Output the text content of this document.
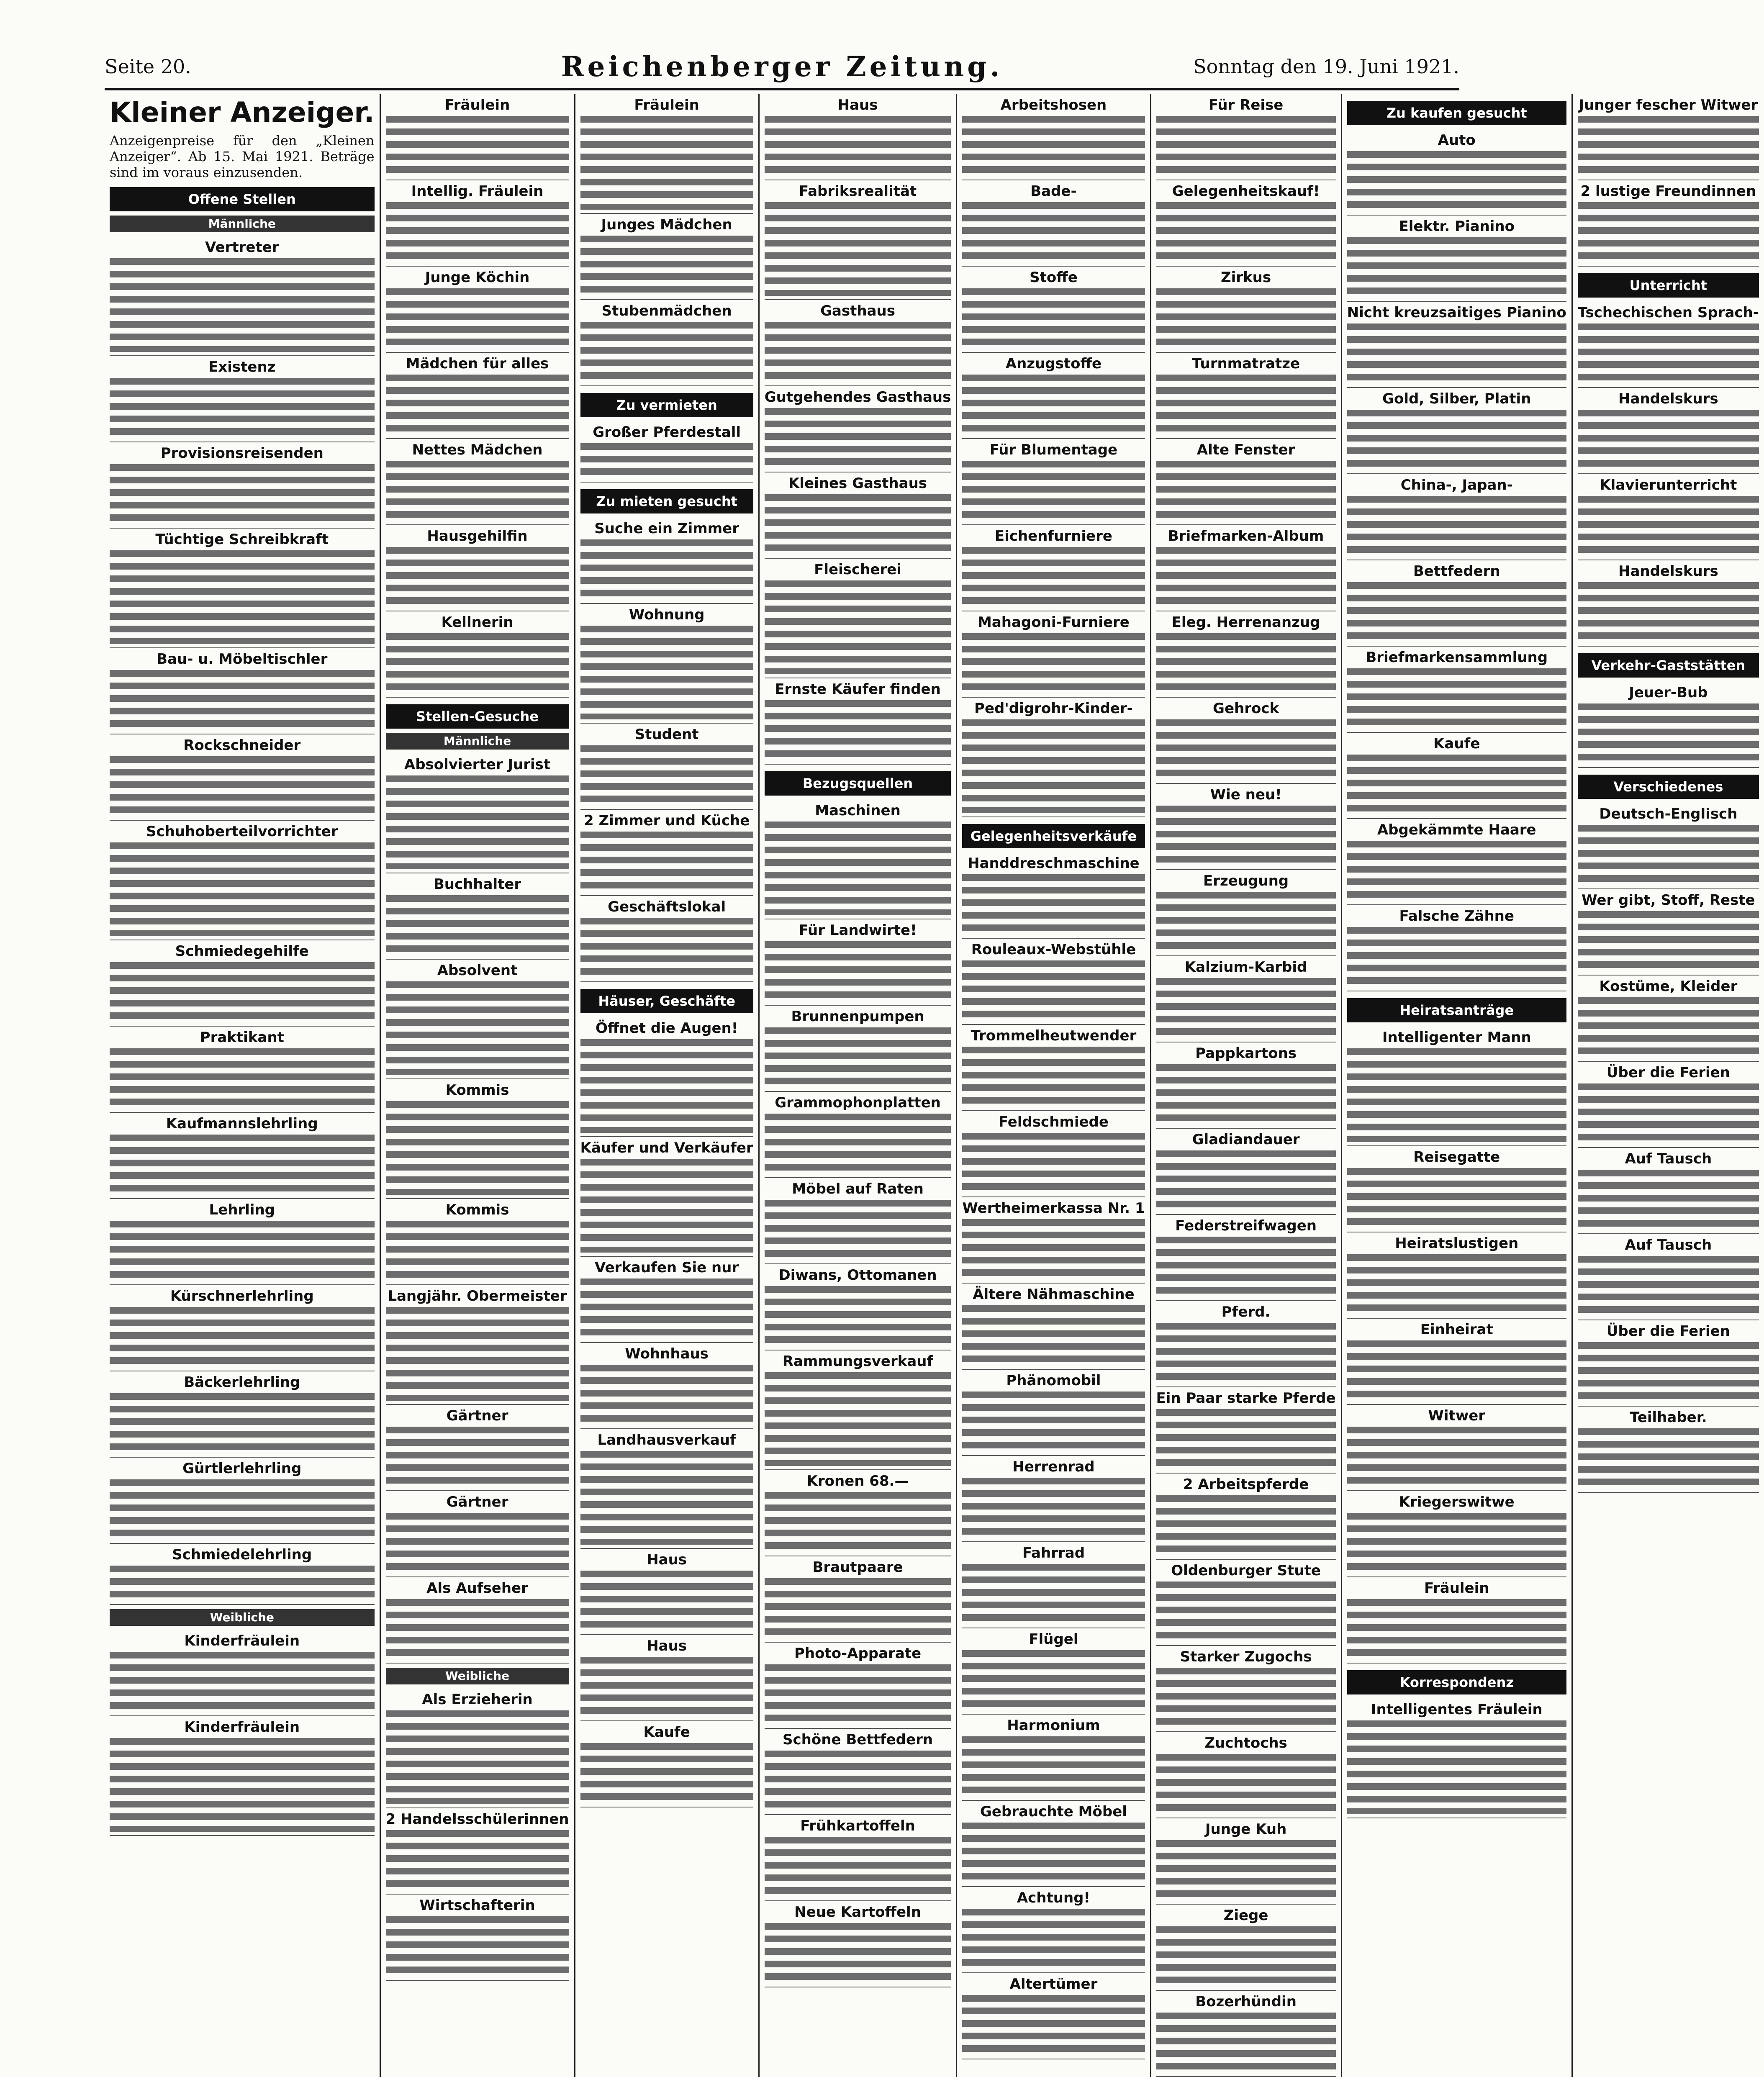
Seite 20.	Reichenberger Zeitung.	Sonntag den 19. Juni 1921.
Kleiner Anzeiger.
Anzeigenpreise für den „Kleinen Anzeiger“. Ab 15. Mai 1921. Beträge sind im voraus einzusenden.
Offene Stellen
Männliche
Vertreter
Existenz
Provisionsreisenden
Tüchtige Schreibkraft
Bau- u. Möbeltischler
Rockschneider
Schuhoberteilvorrichter
Schmiedegehilfe
Praktikant
Kaufmannslehrling
Lehrling
Kürschnerlehrling
Bäckerlehrling
Gürtlerlehrling
Schmiedelehrling
Weibliche
Kinderfräulein
Kinderfräulein
Fräulein
Intellig. Fräulein
Junge Köchin
Mädchen für alles
Nettes Mädchen
Hausgehilfin
Kellnerin
Stellen-Gesuche
Männliche
Absolvierter Jurist
Buchhalter
Absolvent
Kommis
Kommis
Langjähr. Obermeister
Gärtner
Gärtner
Als Aufseher
Weibliche
Als Erzieherin
2 Handelsschülerinnen
Wirtschafterin
Fräulein
Junges Mädchen
Stubenmädchen
Zu vermieten
Großer Pferdestall
Zu mieten gesucht
Suche ein Zimmer
Wohnung
Student
2 Zimmer und Küche
Geschäftslokal
Häuser, Geschäfte
Öffnet die Augen!
Käufer und Verkäufer
Verkaufen Sie nur
Wohnhaus
Landhausverkauf
Haus
Haus
Kaufe
Haus
Fabriksrealität
Gasthaus
Gutgehendes Gasthaus
Kleines Gasthaus
Fleischerei
Ernste Käufer finden
Bezugsquellen
Maschinen
Für Landwirte!
Brunnenpumpen
Grammophonplatten
Möbel auf Raten
Diwans, Ottomanen
Rammungsverkauf
Kronen 68.—
Brautpaare
Photo-Apparate
Schöne Bettfedern
Frühkartoffeln
Neue Kartoffeln
Arbeitshosen
Bade-
Stoffe
Anzugstoffe
Für Blumentage
Eichenfurniere
Mahagoni-Furniere
Ped'digrohr-Kinder-
Gelegenheitsverkäufe
Handdreschmaschine
Rouleaux-Webstühle
Trommelheutwender
Feldschmiede
Wertheimerkassa Nr. 1
Ältere Nähmaschine
Phänomobil
Herrenrad
Fahrrad
Flügel
Harmonium
Gebrauchte Möbel
Achtung!
Altertümer
Für Reise
Gelegenheitskauf!
Zirkus
Turnmatratze
Alte Fenster
Briefmarken-Album
Eleg. Herrenanzug
Gehrock
Wie neu!
Erzeugung
Kalzium-Karbid
Pappkartons
Gladiandauer
Federstreifwagen
Pferd.
Ein Paar starke Pferde
2 Arbeitspferde
Oldenburger Stute
Starker Zugochs
Zuchtochs
Junge Kuh
Ziege
Bozerhündin
Zu kaufen gesucht
Auto
Elektr. Pianino
Nicht kreuzsaitiges Pianino
Gold, Silber, Platin
China-, Japan-
Bettfedern
Briefmarkensammlung
Kaufe
Abgekämmte Haare
Falsche Zähne
Heiratsanträge
Intelligenter Mann
Reisegatte
Heiratslustigen
Einheirat
Witwer
Kriegerswitwe
Fräulein
Korrespondenz
Intelligentes Fräulein
Junger fescher Witwer
2 lustige Freundinnen
Unterricht
Tschechischen Sprach-
Handelskurs
Klavierunterricht
Handelskurs
Verkehr-Gaststätten
Jeuer-Bub
Verschiedenes
Deutsch-Englisch
Wer gibt, Stoff, Reste
Kostüme, Kleider
Über die Ferien
Auf Tausch
Auf Tausch
Über die Ferien
Teilhaber.
